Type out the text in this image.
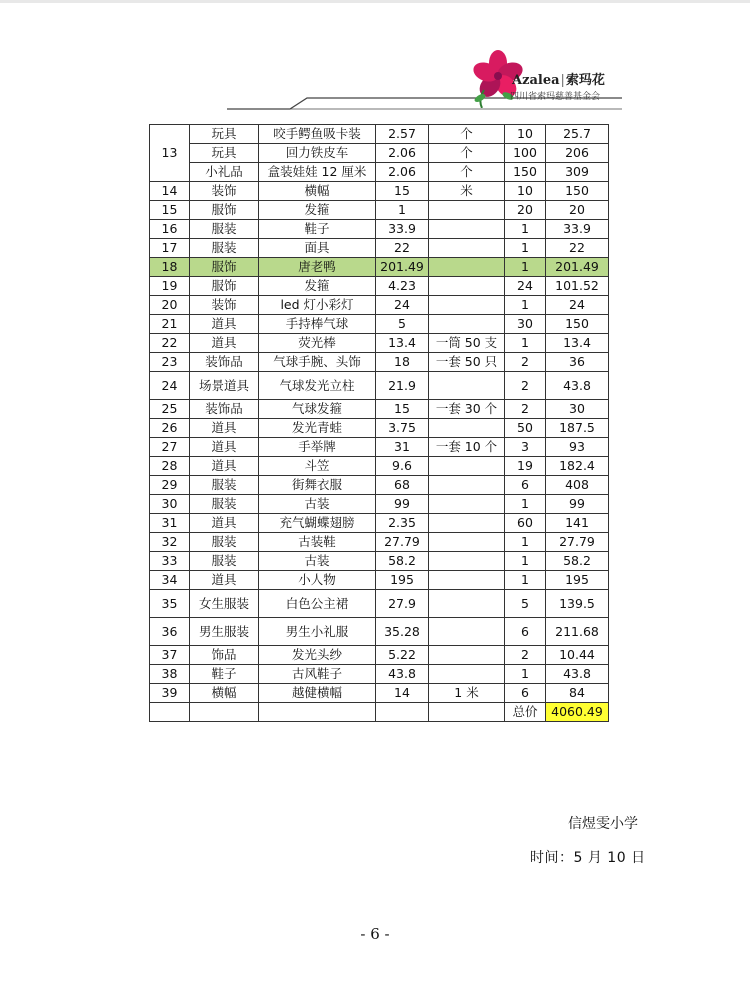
Azalea|索玛花
四川省索玛慈善基金会
13	玩具	咬手鳄鱼吸卡装	2.57	个	10	25.7
	玩具	回力铁皮车	2.06	个	100	206
	小礼品	盒装娃娃 12 厘米	2.06	个	150	309
14	装饰	横幅	15	米	10	150
15	服饰	发箍	1		20	20
16	服装	鞋子	33.9		1	33.9
17	服装	面具	22		1	22
18	服饰	唐老鸭	201.49		1	201.49
19	服饰	发箍	4.23		24	101.52
20	装饰	led 灯小彩灯	24		1	24
21	道具	手持棒气球	5		30	150
22	道具	荧光棒	13.4	一筒 50 支	1	13.4
23	装饰品	气球手腕、头饰	18	一套 50 只	2	36
24	场景道具	气球发光立柱	21.9		2	43.8
25	装饰品	气球发箍	15	一套 30 个	2	30
26	道具	发光青蛙	3.75		50	187.5
27	道具	手举牌	31	一套 10 个	3	93
28	道具	斗笠	9.6		19	182.4
29	服装	街舞衣服	68		6	408
30	服装	古装	99		1	99
31	道具	充气蝴蝶翅膀	2.35		60	141
32	服装	古装鞋	27.79		1	27.79
33	服装	古装	58.2		1	58.2
34	道具	小人物	195		1	195
35	女生服装	白色公主裙	27.9		5	139.5
36	男生服装	男生小礼服	35.28		6	211.68
37	饰品	发光头纱	5.22		2	10.44
38	鞋子	古风鞋子	43.8		1	43.8
39	横幅	越健横幅	14	1 米	6	84
					总价	4060.49
信煜雯小学
时间：5 月 10 日
- 6 -
